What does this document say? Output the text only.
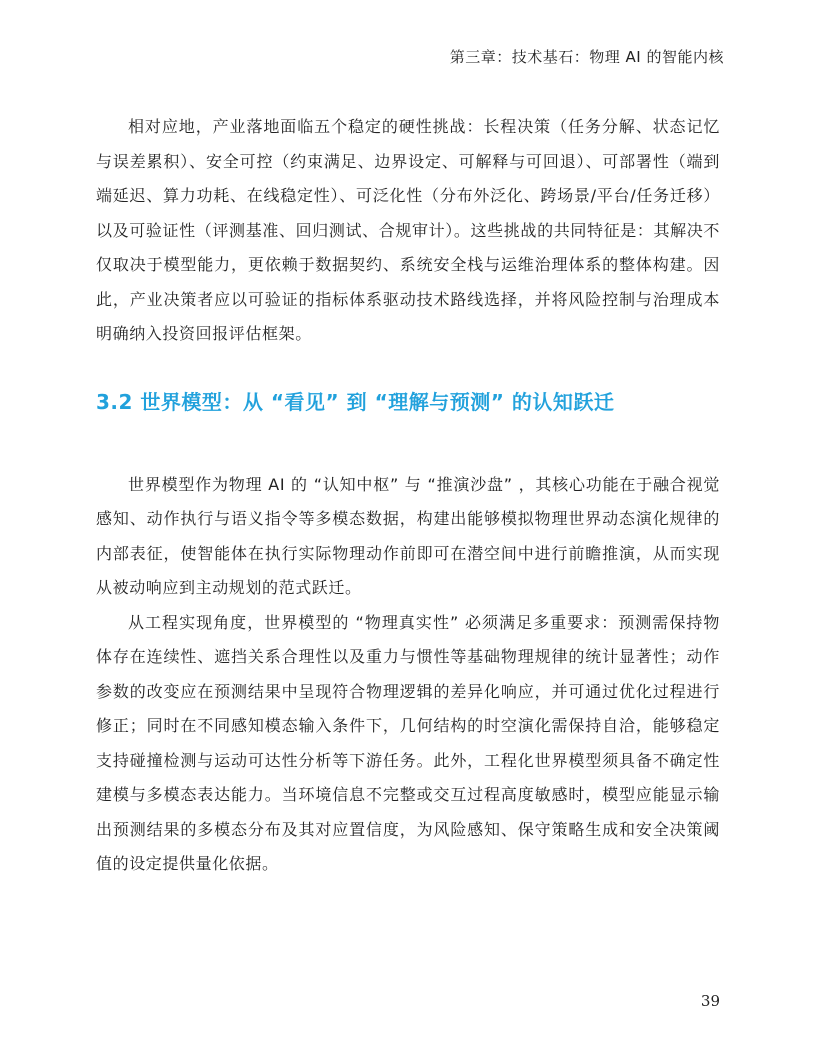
第三章：技术基石：物理 AI 的智能内核

相对应地，产业落地面临五个稳定的硬性挑战：长程决策（任务分解、状态记忆与误差累积）、安全可控（约束满足、边界设定、可解释与可回退）、可部署性（端到端延迟、算力功耗、在线稳定性）、可泛化性（分布外泛化、跨场景/平台/任务迁移）以及可验证性（评测基准、回归测试、合规审计）。这些挑战的共同特征是：其解决不仅取决于模型能力，更依赖于数据契约、系统安全栈与运维治理体系的整体构建。因此，产业决策者应以可验证的指标体系驱动技术路线选择，并将风险控制与治理成本明确纳入投资回报评估框架。

3.2 世界模型：从 “看见” 到 “理解与预测” 的认知跃迁

世界模型作为物理 AI 的 “认知中枢” 与 “推演沙盘” ，其核心功能在于融合视觉感知、动作执行与语义指令等多模态数据，构建出能够模拟物理世界动态演化规律的内部表征，使智能体在执行实际物理动作前即可在潜空间中进行前瞻推演，从而实现从被动响应到主动规划的范式跃迁。

从工程实现角度，世界模型的 “物理真实性” 必须满足多重要求：预测需保持物体存在连续性、遮挡关系合理性以及重力与惯性等基础物理规律的统计显著性；动作参数的改变应在预测结果中呈现符合物理逻辑的差异化响应，并可通过优化过程进行修正；同时在不同感知模态输入条件下，几何结构的时空演化需保持自洽，能够稳定支持碰撞检测与运动可达性分析等下游任务。此外，工程化世界模型须具备不确定性建模与多模态表达能力。当环境信息不完整或交互过程高度敏感时，模型应能显示输出预测结果的多模态分布及其对应置信度，为风险感知、保守策略生成和安全决策阈值的设定提供量化依据。

39
